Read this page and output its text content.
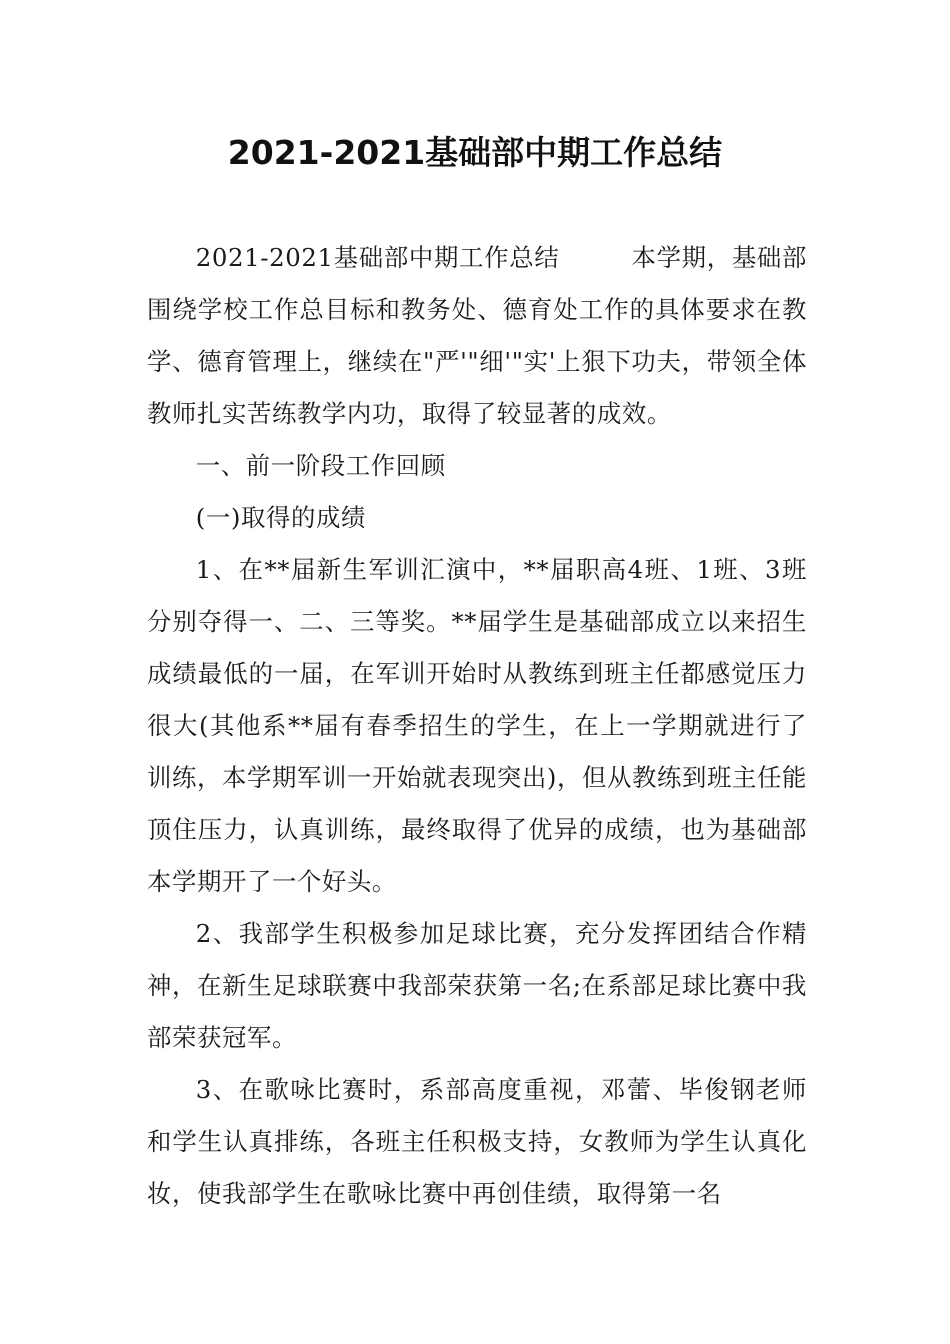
2021-2021基础部中期工作总结

2021-2021基础部中期工作总结	本学期，基础部围绕学校工作总目标和教务处、德育处工作的具体要求在教学、德育管理上，继续在"严'"细'"实'上狠下功夫，带领全体教师扎实苦练教学内功，取得了较显著的成效。

一、前一阶段工作回顾

(一)取得的成绩

1、在**届新生军训汇演中，**届职高4班、1班、3班分别夺得一、二、三等奖。**届学生是基础部成立以来招生成绩最低的一届，在军训开始时从教练到班主任都感觉压力很大(其他系**届有春季招生的学生，在上一学期就进行了训练，本学期军训一开始就表现突出)，但从教练到班主任能顶住压力，认真训练，最终取得了优异的成绩，也为基础部本学期开了一个好头。

2、我部学生积极参加足球比赛，充分发挥团结合作精神，在新生足球联赛中我部荣获第一名;在系部足球比赛中我部荣获冠军。

3、在歌咏比赛时，系部高度重视，邓蕾、毕俊钢老师和学生认真排练，各班主任积极支持，女教师为学生认真化妆，使我部学生在歌咏比赛中再创佳绩，取得第一名
